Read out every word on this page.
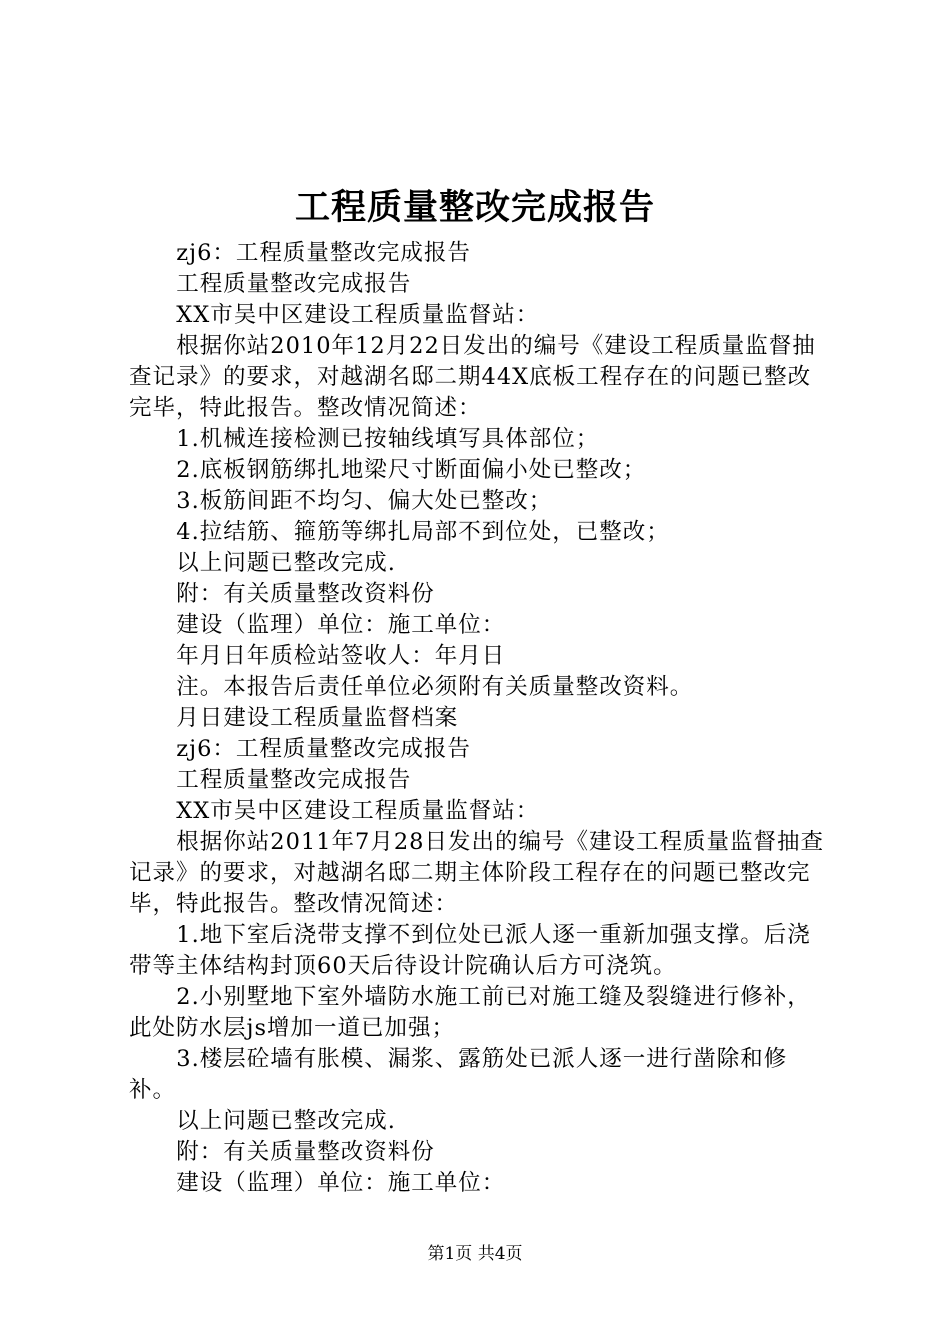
工程质量整改完成报告

zj6：工程质量整改完成报告

工程质量整改完成报告

XX市吴中区建设工程质量监督站：

根据你站2010年12月22日发出的编号《建设工程质量监督抽查记录》的要求，对越湖名邸二期44X底板工程存在的问题已整改完毕，特此报告。整改情况简述：

1.机械连接检测已按轴线填写具体部位；

2.底板钢筋绑扎地梁尺寸断面偏小处已整改；

3.板筋间距不均匀、偏大处已整改；

4.拉结筋、箍筋等绑扎局部不到位处，已整改；

以上问题已整改完成.

附：有关质量整改资料份

建设（监理）单位：施工单位：

年月日年质检站签收人：年月日

注。本报告后责任单位必须附有关质量整改资料。

月日建设工程质量监督档案

zj6：工程质量整改完成报告

工程质量整改完成报告

XX市吴中区建设工程质量监督站：

根据你站2011年7月28日发出的编号《建设工程质量监督抽查记录》的要求，对越湖名邸二期主体阶段工程存在的问题已整改完毕，特此报告。整改情况简述：

1.地下室后浇带支撑不到位处已派人逐一重新加强支撑。后浇带等主体结构封顶60天后待设计院确认后方可浇筑。

2.小别墅地下室外墙防水施工前已对施工缝及裂缝进行修补，此处防水层js增加一道已加强；

3.楼层砼墙有胀模、漏浆、露筋处已派人逐一进行凿除和修补。

以上问题已整改完成.

附：有关质量整改资料份

建设（监理）单位：施工单位：

第1页 共4页
